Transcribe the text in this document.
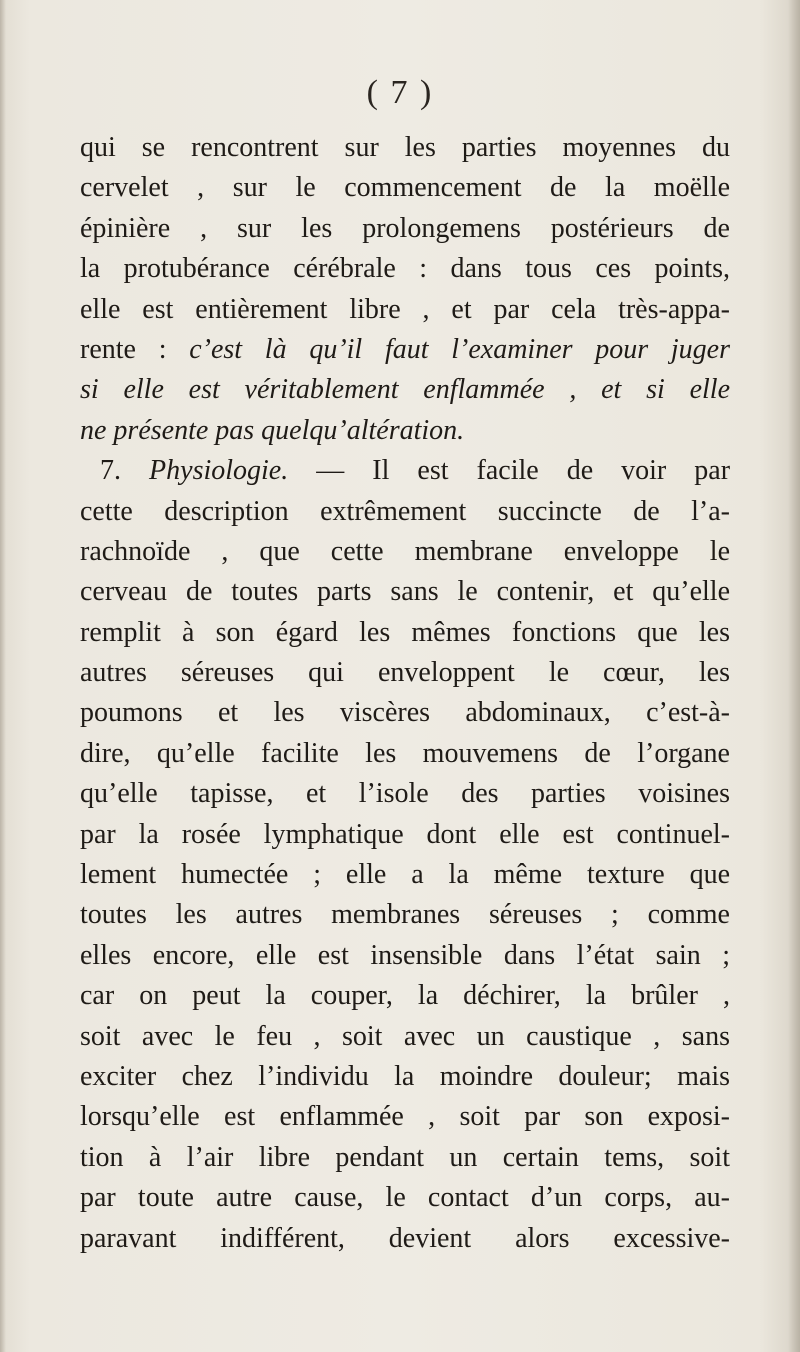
( 7 )
qui se rencontrent sur les parties moyennes du
cervelet , sur le commencement de la moëlle
épinière , sur les prolongemens postérieurs de
la protubérance cérébrale : dans tous ces points,
elle est entièrement libre , et par cela très-appa-
rente : c’est là qu’il faut l’examiner pour juger
si elle est véritablement enflammée , et si elle
ne présente pas quelqu’altération.
7. Physiologie. — Il est facile de voir par
cette description extrêmement succincte de l’a-
rachnoïde , que cette membrane enveloppe le
cerveau de toutes parts sans le contenir, et qu’elle
remplit à son égard les mêmes fonctions que les
autres séreuses qui enveloppent le cœur, les
poumons et les viscères abdominaux, c’est-à-
dire, qu’elle facilite les mouvemens de l’organe
qu’elle tapisse, et l’isole des parties voisines
par la rosée lymphatique dont elle est continuel-
lement humectée ; elle a la même texture que
toutes les autres membranes séreuses ; comme
elles encore, elle est insensible dans l’état sain ;
car on peut la couper, la déchirer, la brûler ,
soit avec le feu , soit avec un caustique , sans
exciter chez l’individu la moindre douleur; mais
lorsqu’elle est enflammée , soit par son exposi-
tion à l’air libre pendant un certain tems, soit
par toute autre cause, le contact d’un corps, au-
paravant indifférent, devient alors excessive-
